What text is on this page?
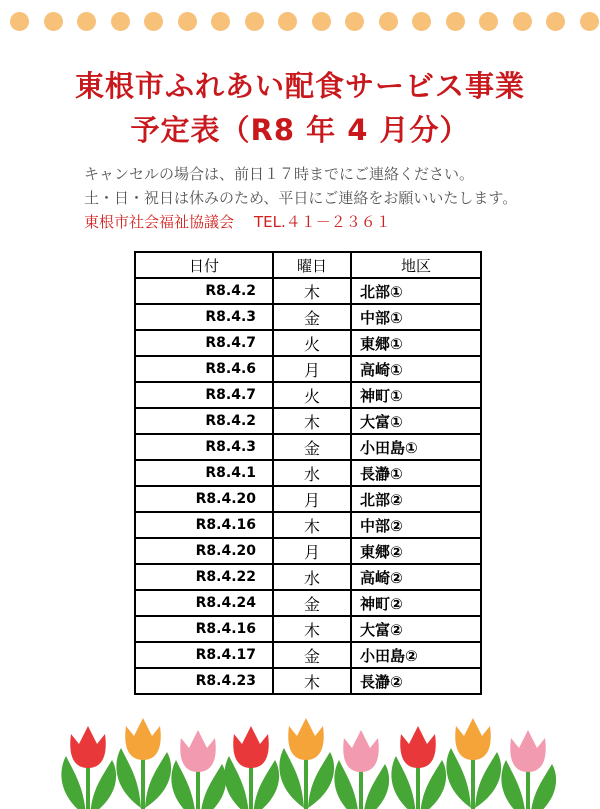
東根市ふれあい配食サービス事業
予定表（R8 年 4 月分）
キャンセルの場合は、前日１７時までにご連絡ください。
土・日・祝日は休みのため、平日にご連絡をお願いいたします。
東根市社会福祉協議会 TEL.４１－２３６１
日付	曜日	地区
R8.4.2	木	北部①
R8.4.3	金	中部①
R8.4.7	火	東郷①
R8.4.6	月	高崎①
R8.4.7	火	神町①
R8.4.2	木	大富①
R8.4.3	金	小田島①
R8.4.1	水	長瀞①
R8.4.20	月	北部②
R8.4.16	木	中部②
R8.4.20	月	東郷②
R8.4.22	水	高崎②
R8.4.24	金	神町②
R8.4.16	木	大富②
R8.4.17	金	小田島②
R8.4.23	木	長瀞②
